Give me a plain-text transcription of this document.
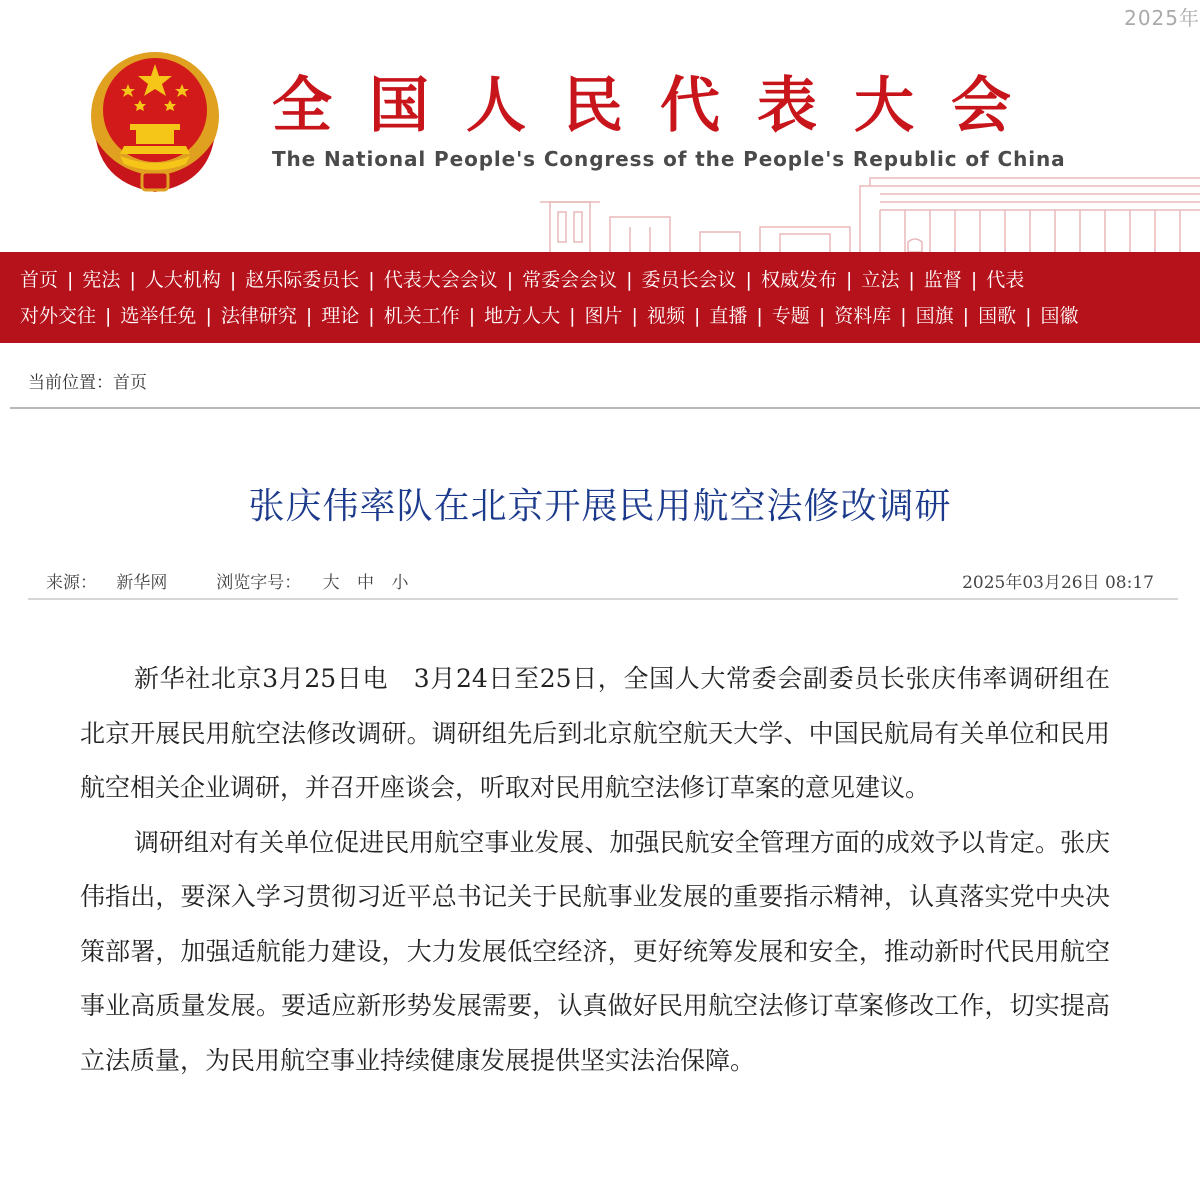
2025年
全国人民代表大会
The National People's Congress of the People's Republic of China
首页 | 宪法 | 人大机构 | 赵乐际委员长 | 代表大会会议 | 常委会会议 | 委员长会议 | 权威发布 | 立法 | 监督 | 代表
对外交往 | 选举任免 | 法律研究 | 理论 | 机关工作 | 地方人大 | 图片 | 视频 | 直播 | 专题 | 资料库 | 国旗 | 国歌 | 国徽
当前位置：首页
张庆伟率队在北京开展民用航空法修改调研
来源： 新华网	浏览字号： 大 中 小	2025年03月26日 08:17

新华社北京3月25日电　3月24日至25日，全国人大常委会副委员长张庆伟率调研组在北京开展民用航空法修改调研。调研组先后到北京航空航天大学、中国民航局有关单位和民用航空相关企业调研，并召开座谈会，听取对民用航空法修订草案的意见建议。

调研组对有关单位促进民用航空事业发展、加强民航安全管理方面的成效予以肯定。张庆伟指出，要深入学习贯彻习近平总书记关于民航事业发展的重要指示精神，认真落实党中央决策部署，加强适航能力建设，大力发展低空经济，更好统筹发展和安全，推动新时代民用航空事业高质量发展。要适应新形势发展需要，认真做好民用航空法修订草案修改工作，切实提高立法质量，为民用航空事业持续健康发展提供坚实法治保障。
